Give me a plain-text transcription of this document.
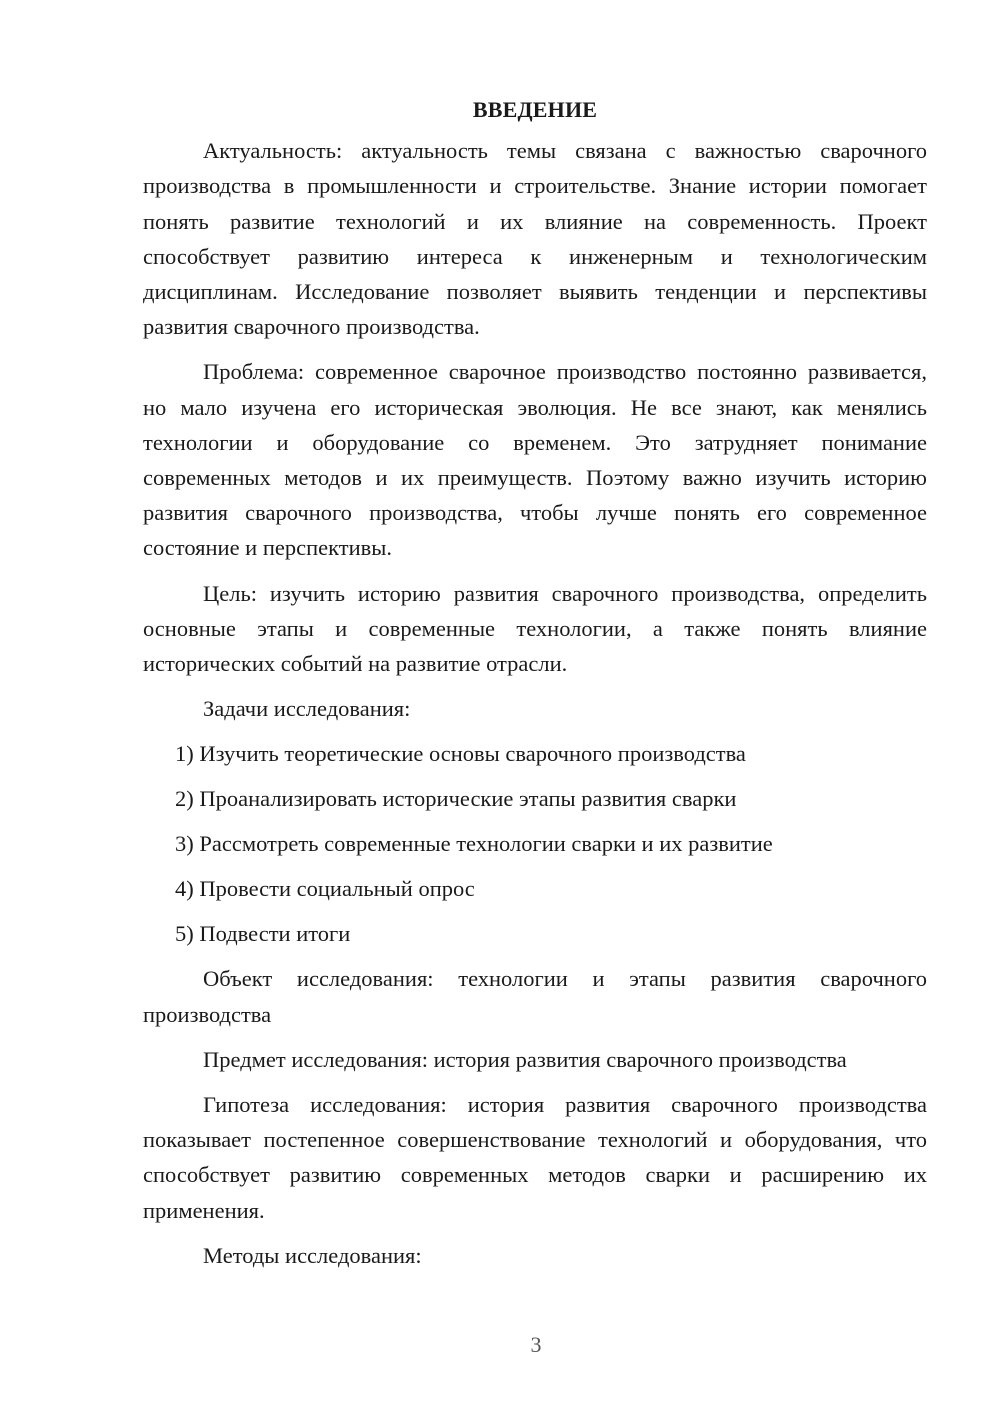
ВВЕДЕНИЕ

Актуальность: актуальность темы связана с важностью сварочного производства в промышленности и строительстве. Знание истории помогает понять развитие технологий и их влияние на современность. Проект способствует развитию интереса к инженерным и технологическим дисциплинам. Исследование позволяет выявить тенденции и перспективы развития сварочного производства.

Проблема: современное сварочное производство постоянно развивается, но мало изучена его историческая эволюция. Не все знают, как менялись технологии и оборудование со временем. Это затрудняет понимание современных методов и их преимуществ. Поэтому важно изучить историю развития сварочного производства, чтобы лучше понять его современное состояние и перспективы.

Цель: изучить историю развития сварочного производства, определить основные этапы и современные технологии, а также понять влияние исторических событий на развитие отрасли.

Задачи исследования:

1) Изучить теоретические основы сварочного производства
2) Проанализировать исторические этапы развития сварки
3) Рассмотреть современные технологии сварки и их развитие
4) Провести социальный опрос
5) Подвести итоги

Объект исследования: технологии и этапы развития сварочного производства

Предмет исследования: история развития сварочного производства

Гипотеза исследования: история развития сварочного производства показывает постепенное совершенствование технологий и оборудования, что способствует развитию современных методов сварки и расширению их применения.

Методы исследования:

3
